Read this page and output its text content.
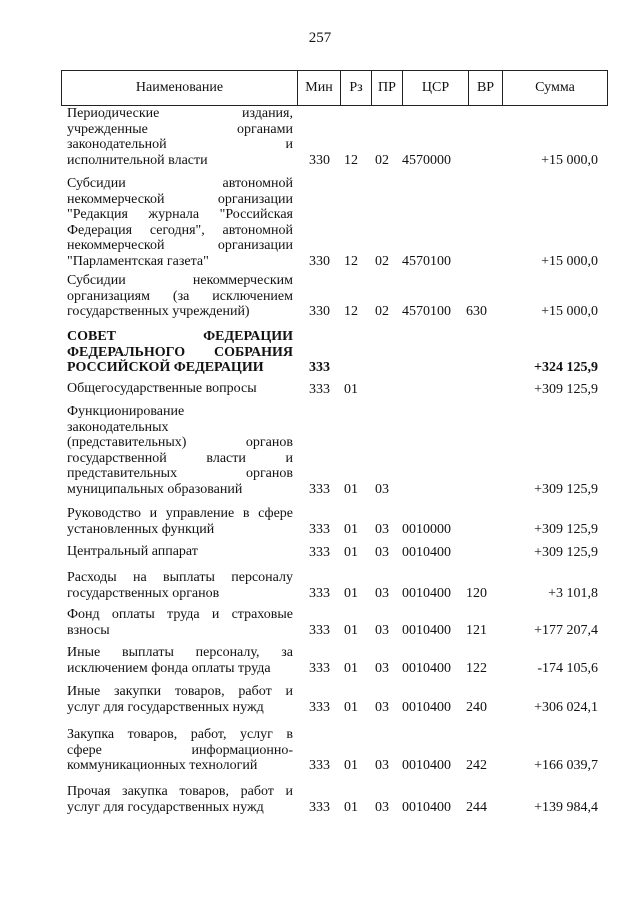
257
Наименование	Мин	Рз	ПР	ЦСР	ВР	Сумма
Периодические издания,
учрежденные органами
законодательной и
исполнительной власти	330 12 02 4570000	+15 000,0
Субсидии автономной
некоммерческой организации
"Редакция журнала "Российская
Федерация сегодня", автономной
некоммерческой организации
"Парламентская газета"	330 12 02 4570100	+15 000,0
Субсидии некоммерческим
организациям (за исключением
государственных учреждений)	330 12 02 4570100 630	+15 000,0
СОВЕТ ФЕДЕРАЦИИ
ФЕДЕРАЛЬНОГО СОБРАНИЯ
РОССИЙСКОЙ ФЕДЕРАЦИИ	333	+324 125,9
Общегосударственные вопросы	333 01	+309 125,9
Функционирование
законодательных
(представительных) органов
государственной власти и
представительных органов
муниципальных образований	333 01 03	+309 125,9
Руководство и управление в сфере
установленных функций	333 01 03 0010000	+309 125,9
Центральный аппарат	333 01 03 0010400	+309 125,9
Расходы на выплаты персоналу
государственных органов	333 01 03 0010400 120	+3 101,8
Фонд оплаты труда и страховые
взносы	333 01 03 0010400 121	+177 207,4
Иные выплаты персоналу, за
исключением фонда оплаты труда	333 01 03 0010400 122	-174 105,6
Иные закупки товаров, работ и
услуг для государственных нужд	333 01 03 0010400 240	+306 024,1
Закупка товаров, работ, услуг в
сфере информационно-
коммуникационных технологий	333 01 03 0010400 242	+166 039,7
Прочая закупка товаров, работ и
услуг для государственных нужд	333 01 03 0010400 244	+139 984,4
